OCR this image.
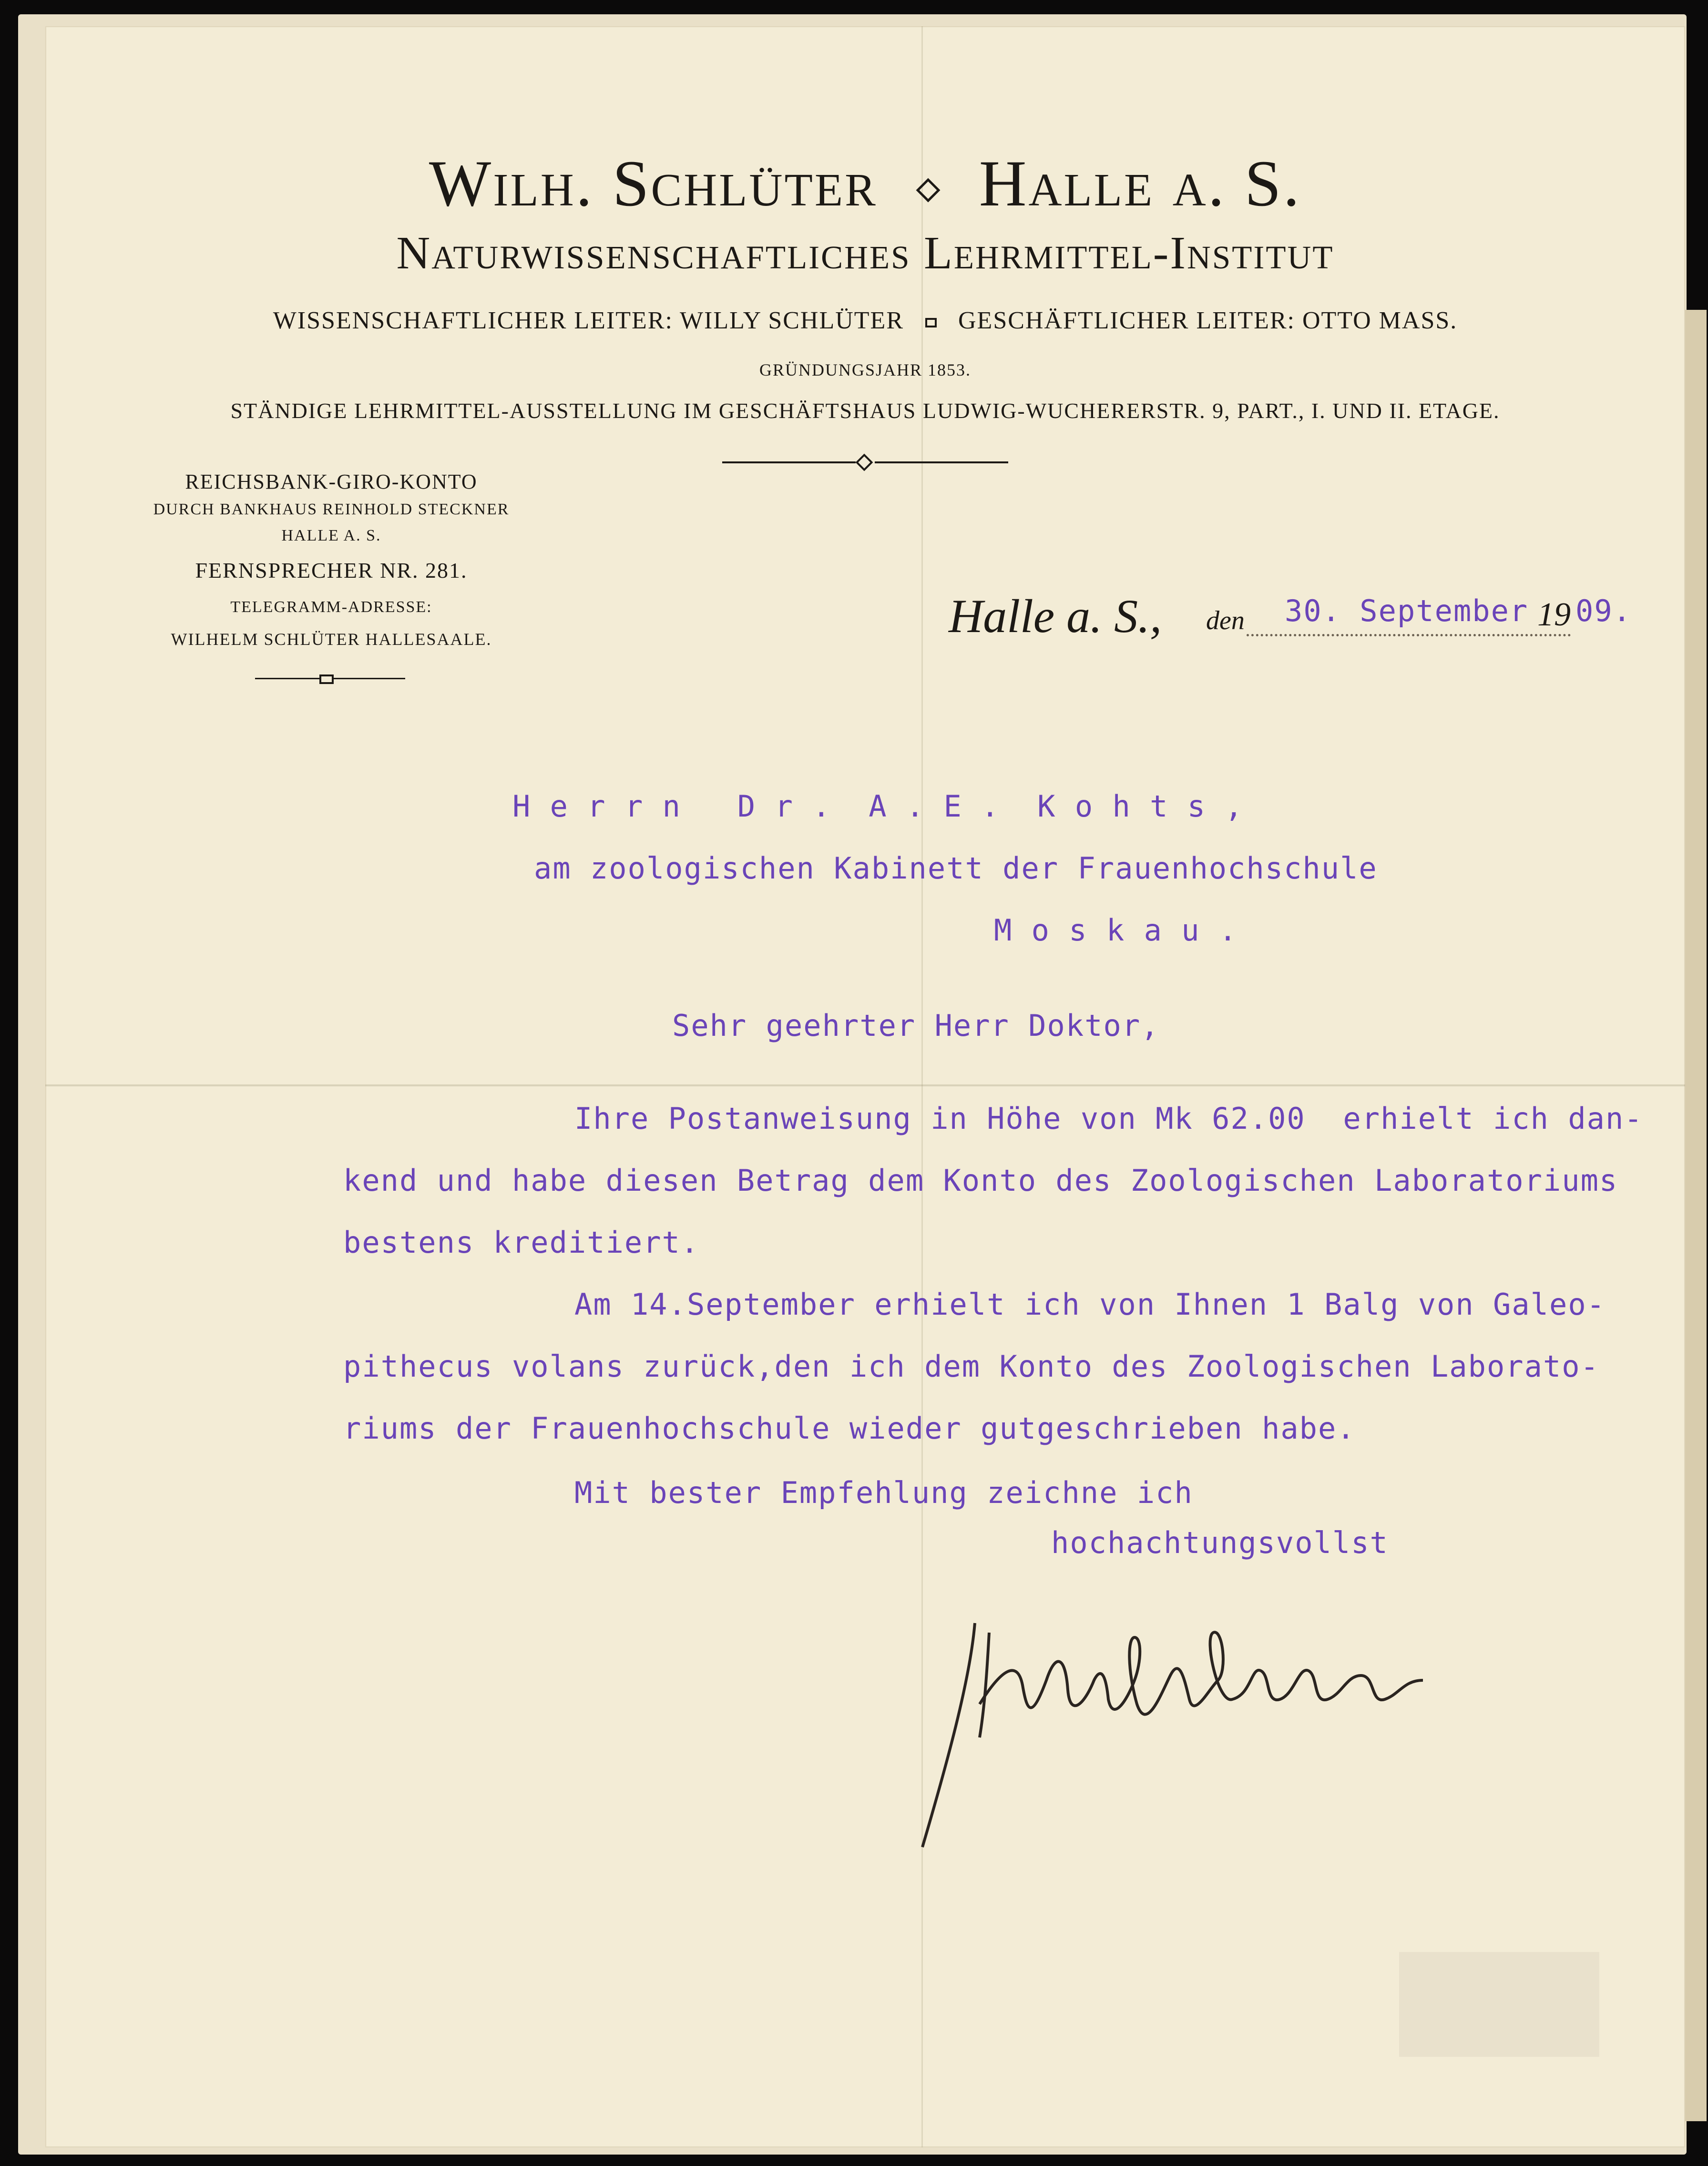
Wilh. Schlüter Halle a. S.
Naturwissenschaftliches Lehrmittel-Institut
WISSENSCHAFTLICHER LEITER: WILLY SCHLÜTER GESCHÄFTLICHER LEITER: OTTO MASS.
GRÜNDUNGSJAHR 1853.
STÄNDIGE LEHRMITTEL-AUSSTELLUNG IM GESCHÄFTSHAUS LUDWIG-WUCHERERSTR. 9, PART., I. UND II. ETAGE.
REICHSBANK-GIRO-KONTO
DURCH BANKHAUS REINHOLD STECKNER
HALLE A. S.
FERNSPRECHER NR. 281.
TELEGRAMM-ADRESSE:
WILHELM SCHLÜTER HALLESAALE.	Halle a. S., den 30. September 19 09.
H e r r n   D r .  A . E .  K o h t s ,
am zoologischen Kabinett der Frauenhochschule
M o s k a u .
Sehr geehrter Herr Doktor,
Ihre Postanweisung in Höhe von Mk 62.00  erhielt ich dan-
kend und habe diesen Betrag dem Konto des Zoologischen Laboratoriums
bestens kreditiert.
Am 14.September erhielt ich von Ihnen 1 Balg von Galeo-
pithecus volans zurück,den ich dem Konto des Zoologischen Laborato-
riums der Frauenhochschule wieder gutgeschrieben habe.
Mit bester Empfehlung zeichne ich
hochachtungsvollst
